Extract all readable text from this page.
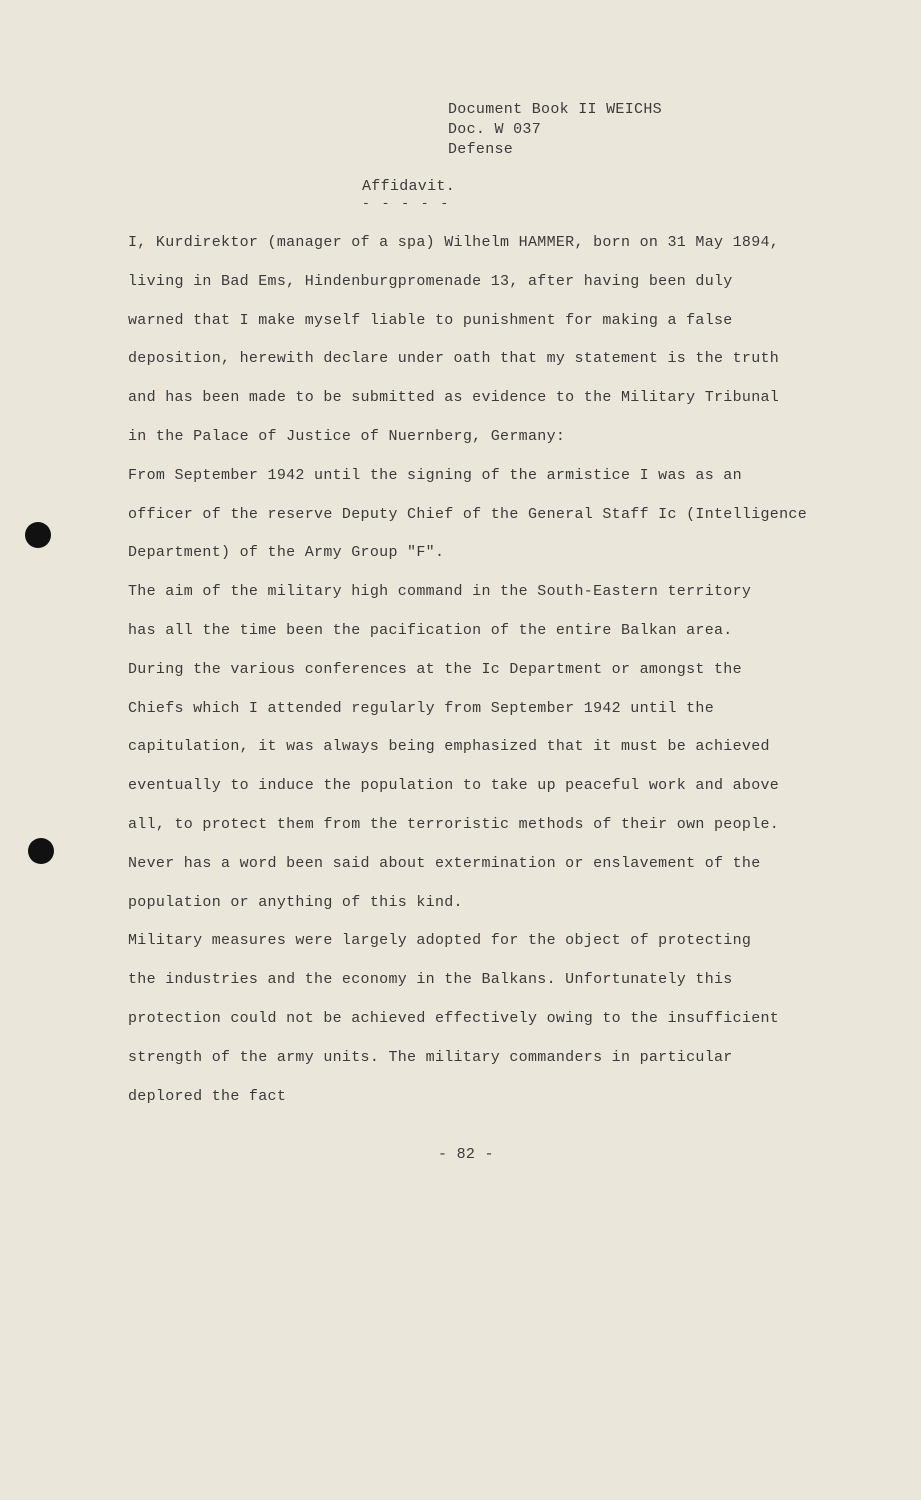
Document Book II WEICHS
Doc. W 037
Defense
Affidavit.
- - - - -
I, Kurdirektor (manager of a spa) Wilhelm HAMMER, born on 31 May 1894,
living in Bad Ems, Hindenburgpromenade 13, after having been duly
warned that I make myself liable to punishment for making a false
deposition, herewith declare under oath that my statement is the truth
and has been made to be submitted as evidence to the Military Tribunal
in the Palace of Justice of Nuernberg, Germany:
From September 1942 until the signing of the armistice I was as an
officer of the reserve Deputy Chief of the General Staff Ic (Intelligence
Department) of the Army Group "F".
The aim of the military high command in the South-Eastern territory
has all the time been the pacification of the entire Balkan area.
During the various conferences at the Ic Department or amongst the
Chiefs which I attended regularly from September 1942 until the
capitulation, it was always being emphasized that it must be achieved
eventually to induce the population to take up peaceful work and above
all, to protect them from the terroristic methods of their own people.
Never has a word been said about extermination or enslavement of the
population or anything of this kind.
Military measures were largely adopted for the object of protecting
the industries and the economy in the Balkans. Unfortunately this
protection could not be achieved effectively owing to the insufficient
strength of the army units. The military commanders in particular
deplored the fact
- 82 -
